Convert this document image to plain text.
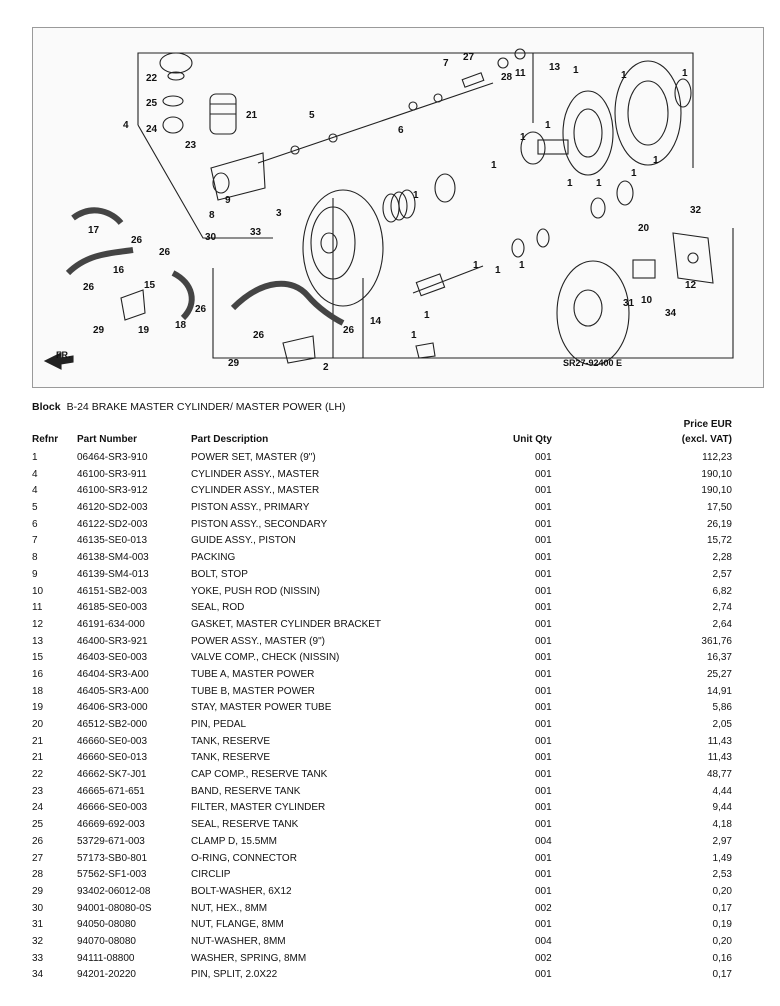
22
25
24
4
21
23
5
6
7
27
28 11
13
8
9
30	33
3
17
26
26
16
15
26
18
26
29	19
14
26
26
29	2
1
20
32
12
31 10
34
1	1	1
1
1
1
1 1 1
1 1
1
1
1
1
FR.
SR27-92400 E
Block B-24 BRAKE MASTER CYLINDER/ MASTER POWER (LH)
Refnr Part Number	Part Description	Unit Qty
Price EUR
(excl. VAT)
1	06464-SR3-910	POWER SET, MASTER (9")	001	112,23
4	46100-SR3-911	CYLINDER ASSY., MASTER	001	190,10
4	46100-SR3-912	CYLINDER ASSY., MASTER	001	190,10
5	46120-SD2-003	PISTON ASSY., PRIMARY	001	17,50
6	46122-SD2-003	PISTON ASSY., SECONDARY	001	26,19
7	46135-SE0-013	GUIDE ASSY., PISTON	001	15,72
8	46138-SM4-003	PACKING	001	2,28
9	46139-SM4-013	BOLT, STOP	001	2,57
10	46151-SB2-003	YOKE, PUSH ROD (NISSIN)	001	6,82
11	46185-SE0-003	SEAL, ROD	001	2,74
12	46191-634-000	GASKET, MASTER CYLINDER BRACKET	001	2,64
13	46400-SR3-921	POWER ASSY., MASTER (9")	001	361,76
15	46403-SE0-003	VALVE COMP., CHECK (NISSIN)	001	16,37
16	46404-SR3-A00	TUBE A, MASTER POWER	001	25,27
18	46405-SR3-A00	TUBE B, MASTER POWER	001	14,91
19	46406-SR3-000	STAY, MASTER POWER TUBE	001	5,86
20	46512-SB2-000	PIN, PEDAL	001	2,05
21	46660-SE0-003	TANK, RESERVE	001	11,43
21	46660-SE0-013	TANK, RESERVE	001	11,43
22	46662-SK7-J01	CAP COMP., RESERVE TANK	001	48,77
23	46665-671-651	BAND, RESERVE TANK	001	4,44
24	46666-SE0-003	FILTER, MASTER CYLINDER	001	9,44
25	46669-692-003	SEAL, RESERVE TANK	001	4,18
26	53729-671-003	CLAMP D, 15.5MM	004	2,97
27	57173-SB0-801	O-RING, CONNECTOR	001	1,49
28	57562-SF1-003	CIRCLIP	001	2,53
29	93402-06012-08	BOLT-WASHER, 6X12	001	0,20
30	94001-08080-0S	NUT, HEX., 8MM	002	0,17
31	94050-08080	NUT, FLANGE, 8MM	001	0,19
32	94070-08080	NUT-WASHER, 8MM	004	0,20
33	94111-08800	WASHER, SPRING, 8MM	002	0,16
34	94201-20220	PIN, SPLIT, 2.0X22	001	0,17
